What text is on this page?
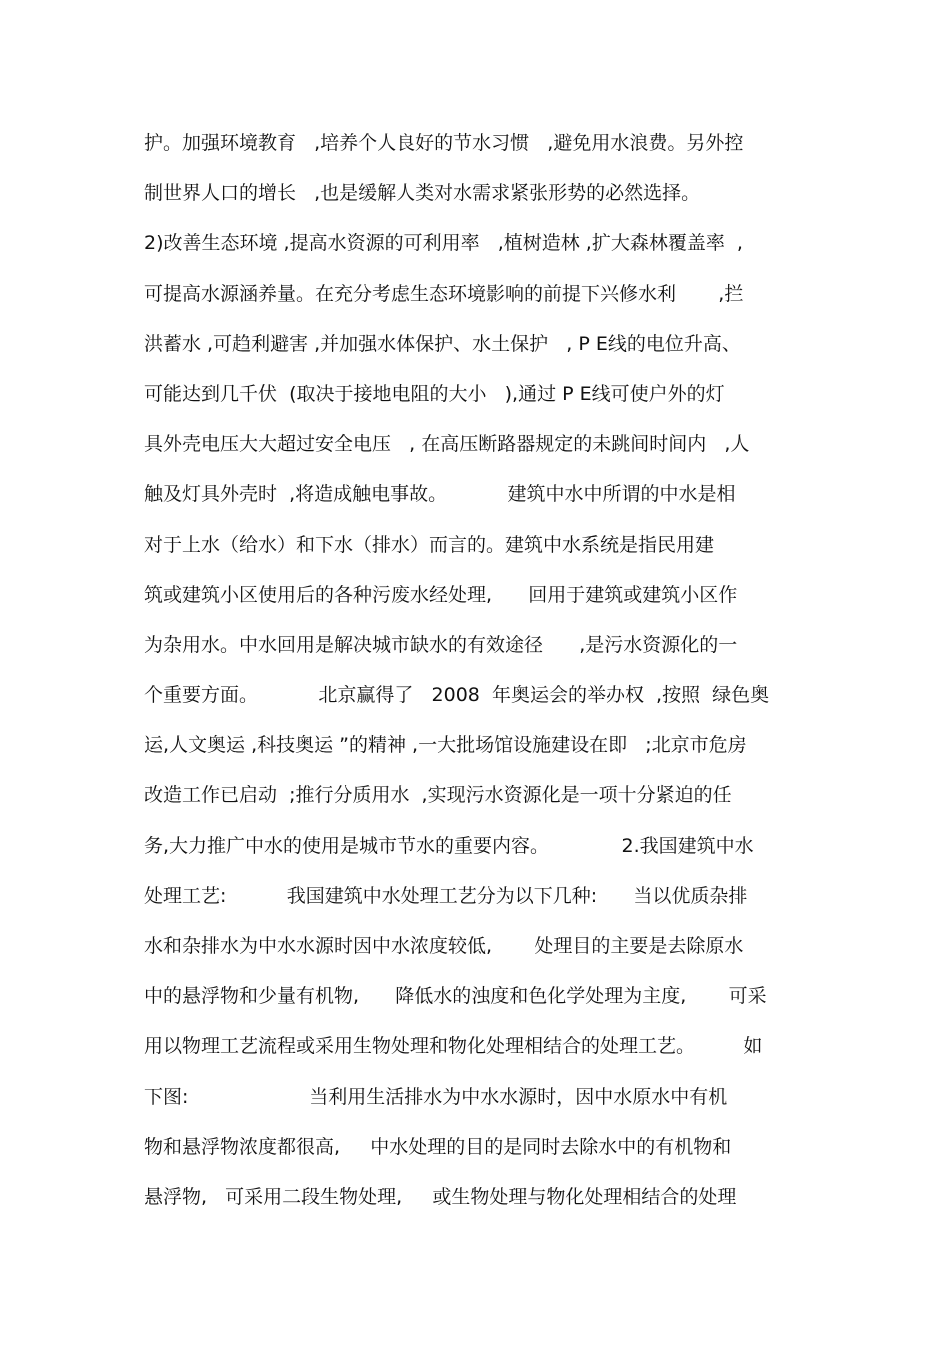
护。加强环境教育   ,培养个人良好的节水习惯   ,避免用水浪费。另外控
制世界人口的增长   ,也是缓解人类对水需求紧张形势的必然选择。
2)改善生态环境 ,提高水资源的可利用率   ,植树造林 ,扩大森林覆盖率  ,
可提高水源涵养量。在充分考虑生态环境影响的前提下兴修水利       ,拦
洪蓄水 ,可趋利避害 ,并加强水体保护、水土保护   , P E线的电位升高、
可能达到几千伏  (取决于接地电阻的大小   ),通过 P E线可使户外的灯
具外壳电压大大超过安全电压   , 在高压断路器规定的未跳间时间内   ,人
触及灯具外壳时  ,将造成触电事故。          建筑中水中所谓的中水是相
对于上水（给水）和下水（排水）而言的。建筑中水系统是指民用建
筑或建筑小区使用后的各种污废水经处理,      回用于建筑或建筑小区作
为杂用水。中水回用是解决城市缺水的有效途径      ,是污水资源化的一
个重要方面。          北京赢得了   2008  年奥运会的举办权  ,按照  绿色奥
运,人文奥运 ,科技奥运 ”的精神 ,一大批场馆设施建设在即   ;北京市危房
改造工作已启动  ;推行分质用水  ,实现污水资源化是一项十分紧迫的任
务,大力推广中水的使用是城市节水的重要内容。            2.我国建筑中水
处理工艺:          我国建筑中水处理工艺分为以下几种:      当以优质杂排
水和杂排水为中水水源时因中水浓度较低,       处理目的主要是去除原水
中的悬浮物和少量有机物,      降低水的浊度和色化学处理为主度,       可采
用以物理工艺流程或采用生物处理和物化处理相结合的处理工艺。        如
下图:                    当利用生活排水为中水水源时，因中水原水中有机
物和悬浮物浓度都很高,     中水处理的目的是同时去除水中的有机物和
悬浮物,   可采用二段生物处理,     或生物处理与物化处理相结合的处理
